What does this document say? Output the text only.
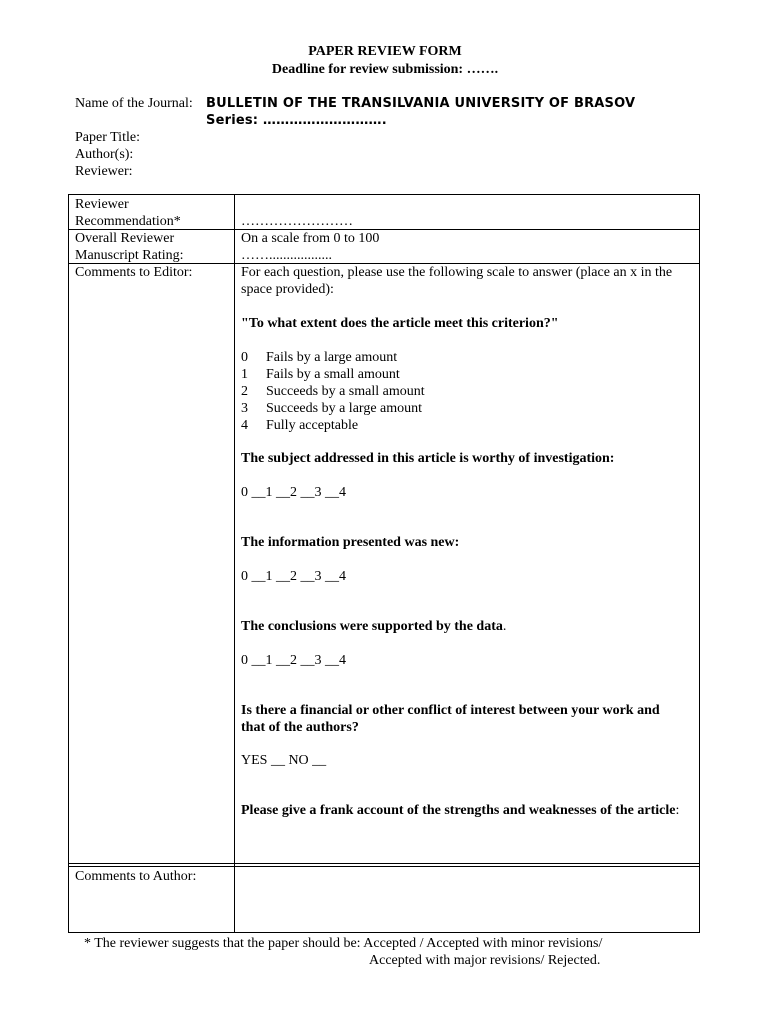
PAPER REVIEW FORM
Deadline for review submission: …….
Name of the Journal: BULLETIN OF THE TRANSILVANIA UNIVERSITY OF BRASOV
Series: ……………………….
Paper Title:
Author(s):
Reviewer:
Reviewer
Recommendation*	……………………
Overall Reviewer
Manuscript Rating:
On a scale from 0 to 100
……..................
Comments to Editor:	For each question, please use the following scale to answer (place an x in the space provided):
"To what extent does the article meet this criterion?"
0 Fails by a large amount
1 Fails by a small amount
2 Succeeds by a small amount
3 Succeeds by a large amount
4 Fully acceptable
The subject addressed in this article is worthy of investigation:
0 __1 __2 __3 __4
The information presented was new:
0 __1 __2 __3 __4
The conclusions were supported by the data.
0 __1 __2 __3 __4
Is there a financial or other conflict of interest between your work and that of the authors?
YES __ NO __
Please give a frank account of the strengths and weaknesses of the article:
Comments to Author:
* The reviewer suggests that the paper should be: Accepted / Accepted with minor revisions/
Accepted with major revisions/ Rejected.
